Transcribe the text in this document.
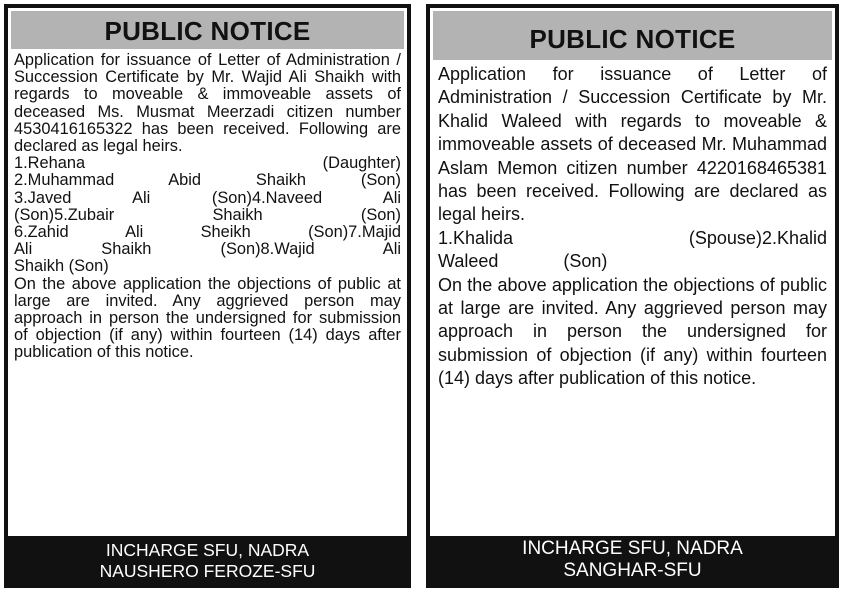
PUBLIC NOTICE

Application for issuance of Letter of Administration / Succession Certificate by Mr. Wajid Ali Shaikh with regards to moveable & immoveable assets of deceased Ms. Musmat Meerzadi citizen number 4530416165322 has been received. Following are declared as legal heirs.

1.Rehana (Daughter)
2.Muhammad Abid Shaikh (Son)
3.Javed Ali (Son)4.Naveed Ali
(Son)5.Zubair Shaikh (Son)
6.Zahid Ali Sheikh (Son)7.Majid
Ali Shaikh (Son)8.Wajid Ali
Shaikh (Son)

On the above application the objections of public at large are invited. Any aggrieved person may approach in person the undersigned for submission of objection (if any) within fourteen (14) days after publication of this notice.

INCHARGE SFU, NADRA
NAUSHERO FEROZE-SFU
PUBLIC NOTICE

Application for issuance of Letter of Administration / Succession Certificate by Mr. Khalid Waleed with regards to moveable & immoveable assets of deceased Mr. Muhammad Aslam Memon citizen number 4220168465381 has been received. Following are declared as legal heirs.

1.Khalida (Spouse)2.Khalid
Waleed (Son)

On the above application the objections of public at large are invited. Any aggrieved person may approach in person the undersigned for submission of objection (if any) within fourteen (14) days after publication of this notice.

INCHARGE SFU, NADRA
SANGHAR-SFU
